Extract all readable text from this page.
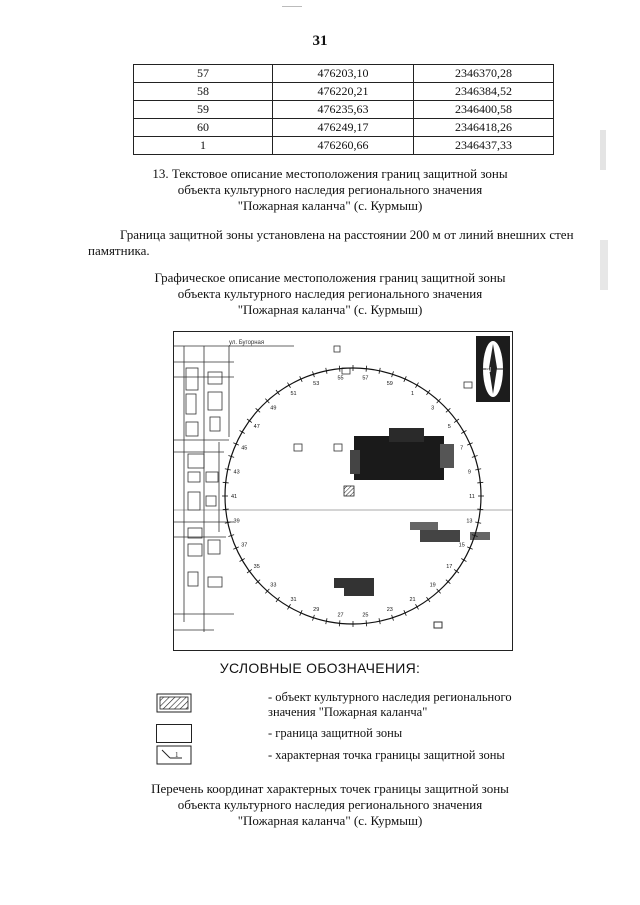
31
57	476203,10	2346370,28
58	476220,21	2346384,52
59	476235,63	2346400,58
60	476249,17	2346418,26
1	476260,66	2346437,33
13. Текстовое описание местоположения границ защитной зоны
объекта культурного наследия регионального значения
"Пожарная каланча" (с. Курмыш)
Граница защитной зоны установлена на расстоянии 200 м от линий внешних стен
памятника.
Графическое описание местоположения границ защитной зоны
объекта культурного наследия регионального значения
"Пожарная каланча" (с. Курмыш)
ул. Бугорная
1
3
5
7
9
11
13
15
17
19
21
23
25
27
29
31
33
35
37
39
41
43
45
47
49
51
53
55	57
59
N
УСЛОВНЫЕ ОБОЗНАЧЕНИЯ:
- объект культурного наследия регионального
значения "Пожарная каланча"
- граница защитной зоны
1	- характерная точка границы защитной зоны
Перечень координат характерных точек границы защитной зоны
объекта культурного наследия регионального значения
"Пожарная каланча" (с. Курмыш)
